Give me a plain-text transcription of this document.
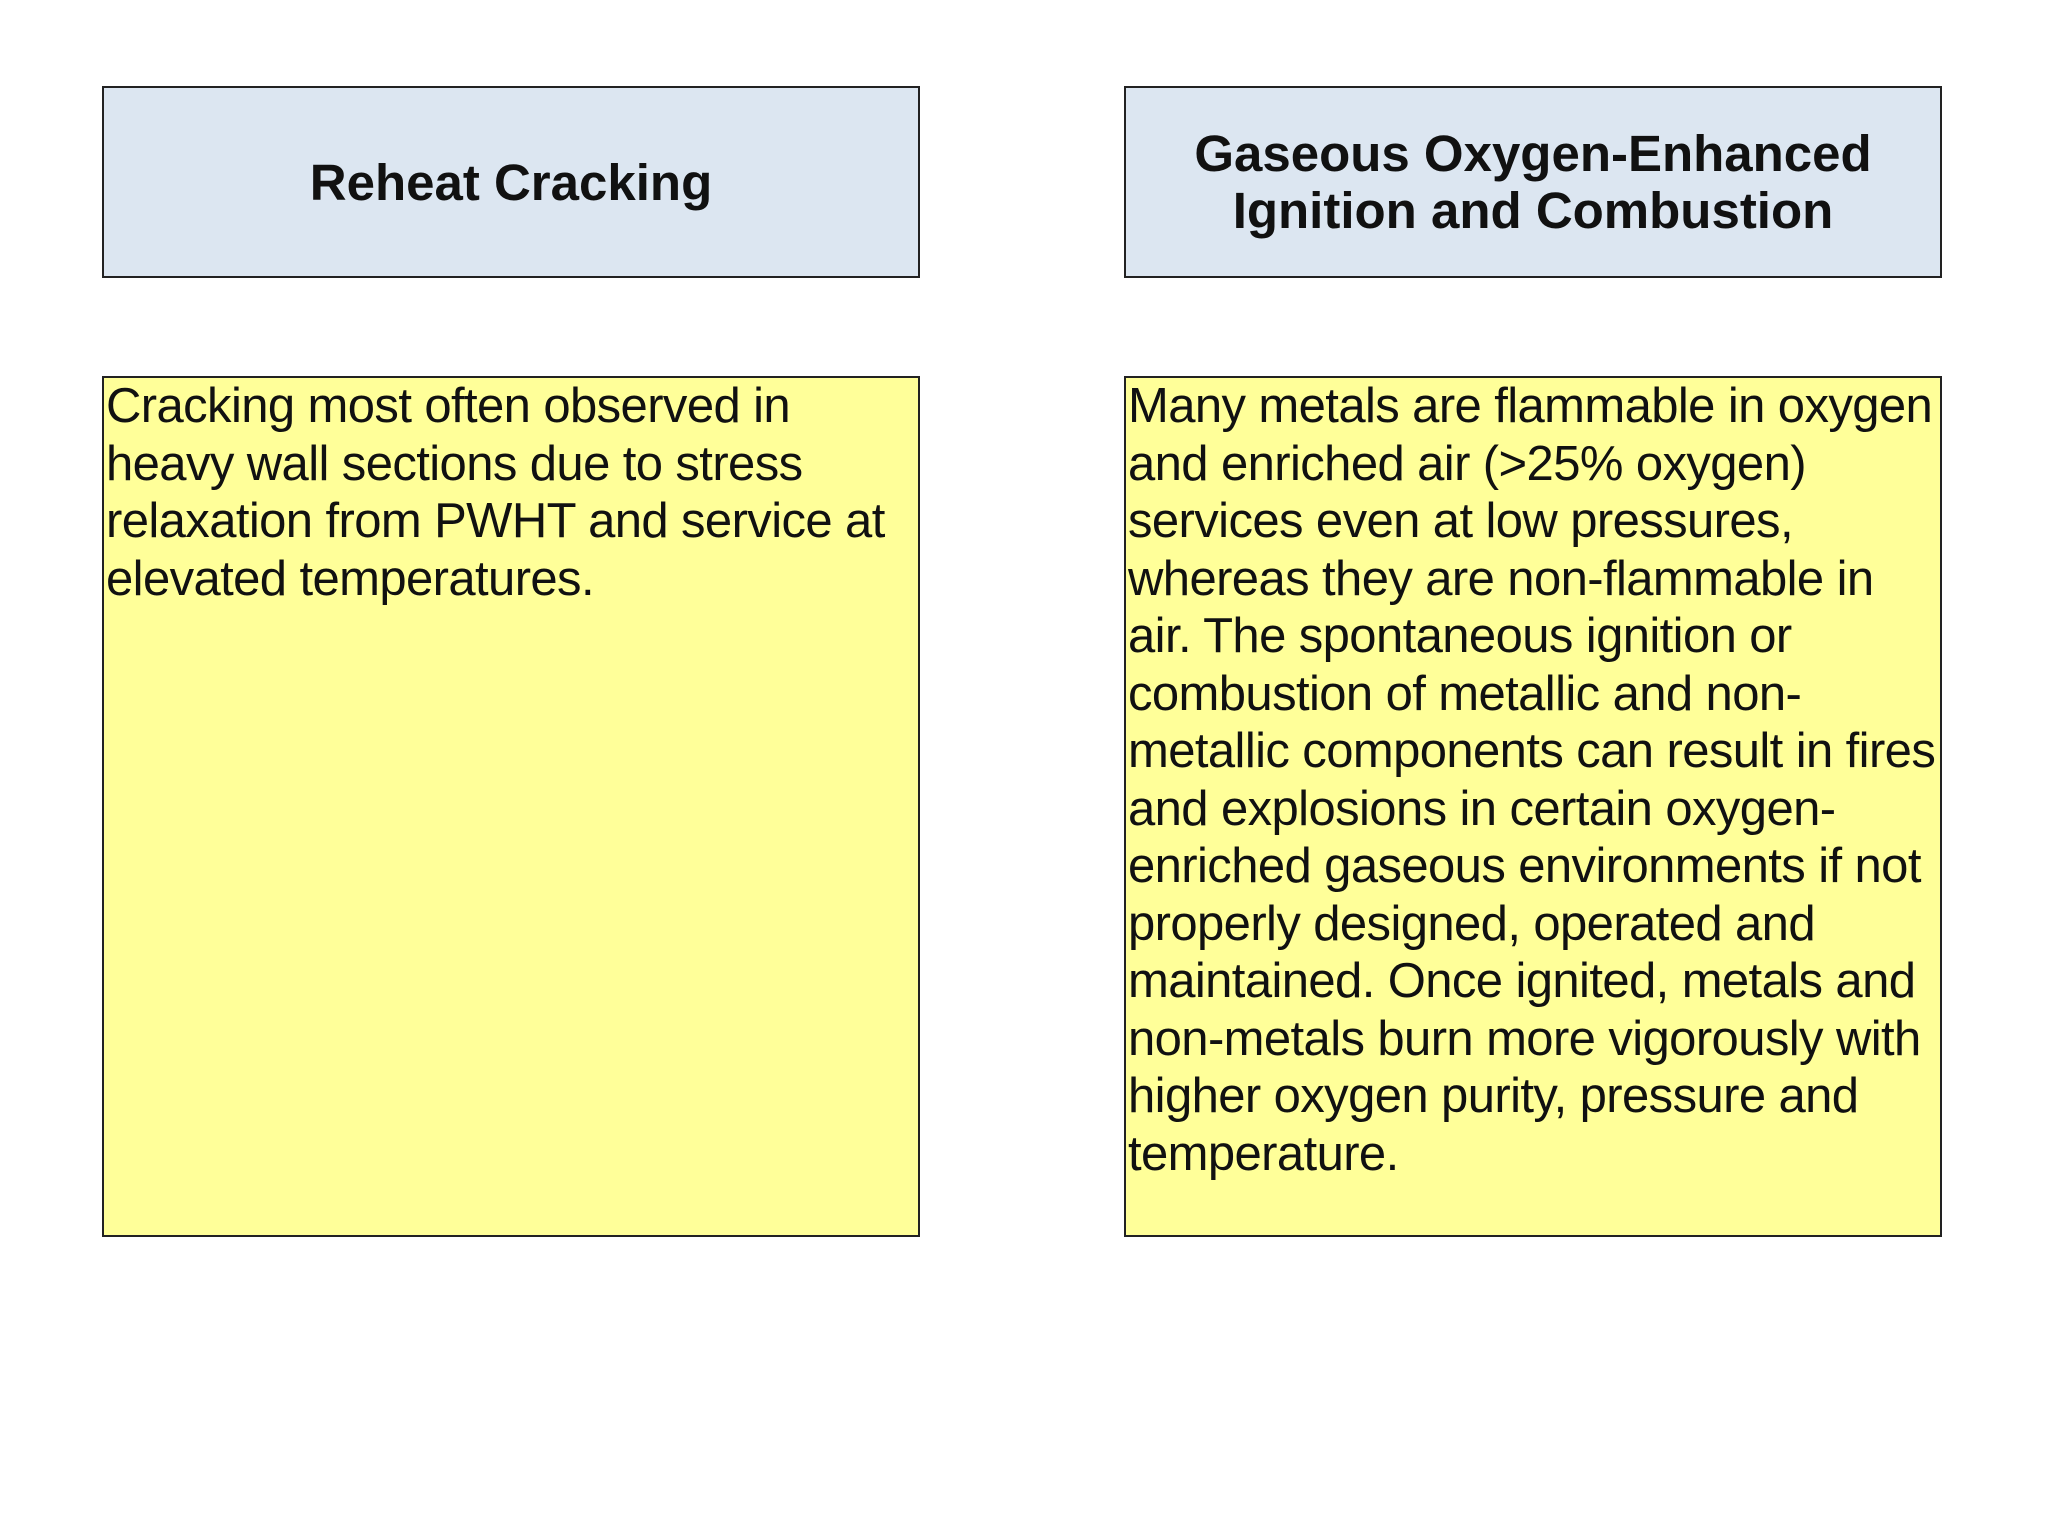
Reheat Cracking	Gaseous Oxygen-Enhanced
Ignition and Combustion

Cracking most often observed in heavy wall sections due to stress relaxation from PWHT and service at elevated temperatures.

Many metals are flammable in oxygen and enriched air (>25% oxygen) services even at low pressures, whereas they are non-flammable in air. The spontaneous ignition or combustion of metallic and non-metallic components can result in fires and explosions in certain oxygen-enriched gaseous environments if not properly designed, operated and maintained. Once ignited, metals and non-metals burn more vigorously with higher oxygen purity, pressure and temperature.
